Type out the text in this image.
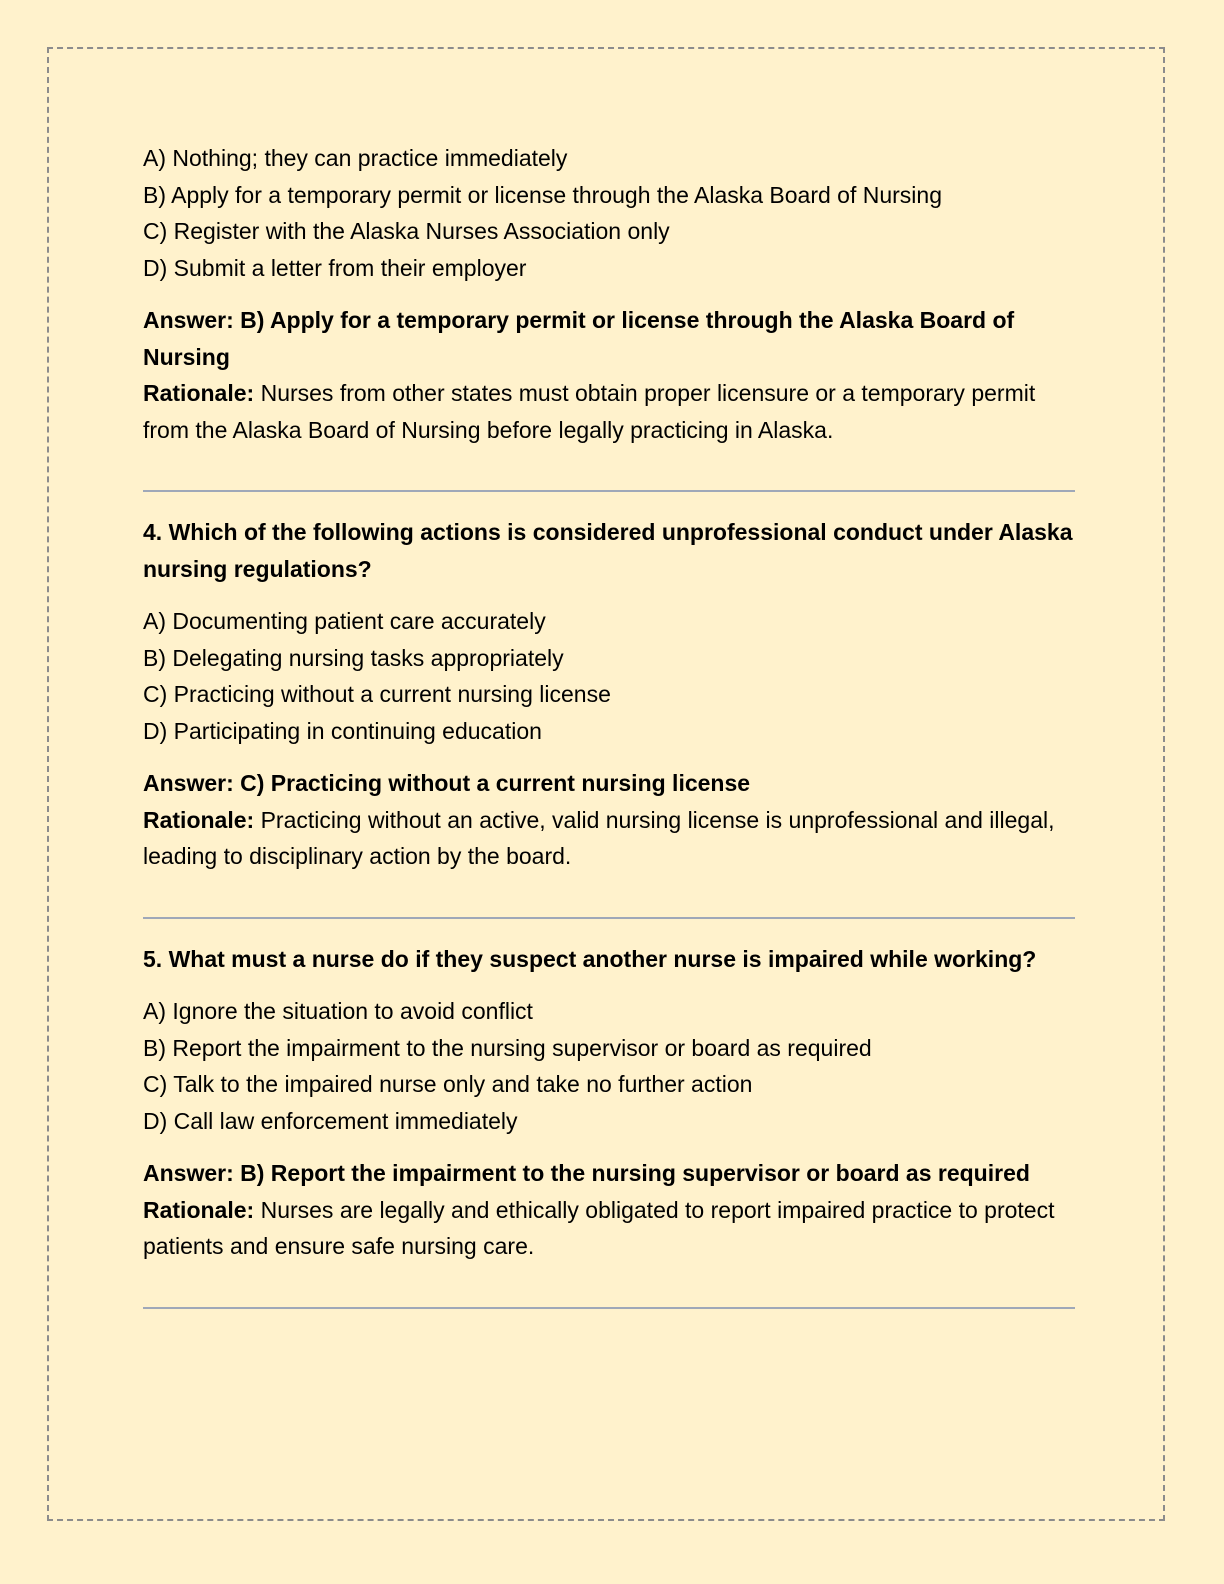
A) Nothing; they can practice immediately
B) Apply for a temporary permit or license through the Alaska Board of Nursing
C) Register with the Alaska Nurses Association only
D) Submit a letter from their employer
Answer: B) Apply for a temporary permit or license through the Alaska Board of Nursing
Rationale: Nurses from other states must obtain proper licensure or a temporary permit from the Alaska Board of Nursing before legally practicing in Alaska.

4. Which of the following actions is considered unprofessional conduct under Alaska nursing regulations?

A) Documenting patient care accurately
B) Delegating nursing tasks appropriately
C) Practicing without a current nursing license
D) Participating in continuing education
Answer: C) Practicing without a current nursing license
Rationale: Practicing without an active, valid nursing license is unprofessional and illegal, leading to disciplinary action by the board.

5. What must a nurse do if they suspect another nurse is impaired while working?

A) Ignore the situation to avoid conflict
B) Report the impairment to the nursing supervisor or board as required
C) Talk to the impaired nurse only and take no further action
D) Call law enforcement immediately
Answer: B) Report the impairment to the nursing supervisor or board as required
Rationale: Nurses are legally and ethically obligated to report impaired practice to protect patients and ensure safe nursing care.
